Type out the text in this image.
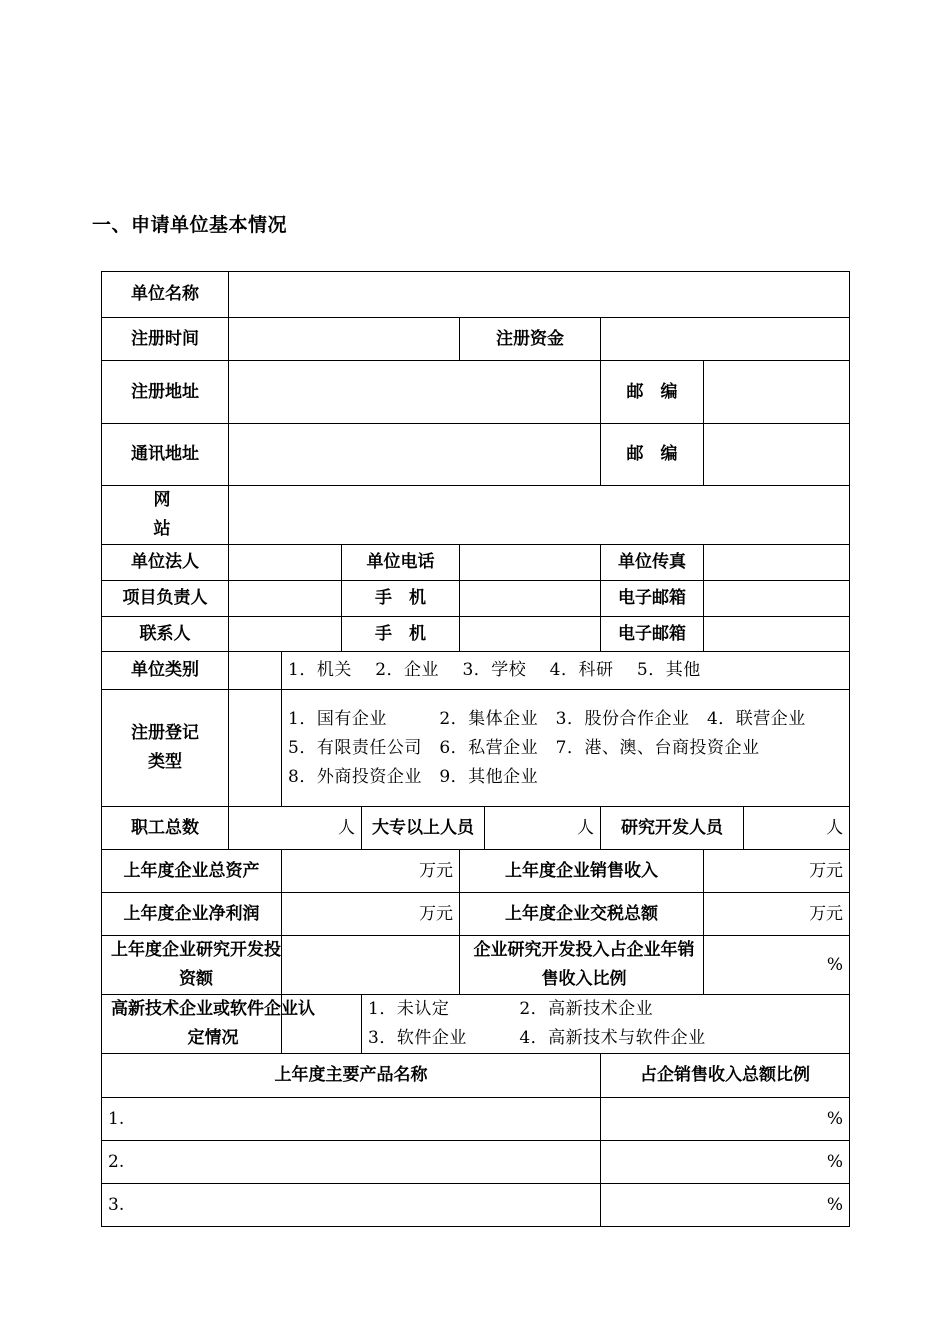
一、申请单位基本情况
单位名称									
注册时间					注册资金				
注册地址							邮　编		
通讯地址							邮　编		
网　站									
单位法人			单位电话				单位传真		
项目负责人			手　机				电子邮箱		
联系人			手　机				电子邮箱		
单位类别		1．机关　 2．企业　 3．学校　 4．科研　 5．其他							

注册登记类型		1．国有企业　　　2．集体企业　3．股份合作企业　4．联营企业
5．有限责任公司　6．私营企业　7．港、澳、台商投资企业
8．外商投资企业　9．其他企业							

职工总数	人			大专以上人员		人	研究开发人员		人
上年度企业总资产		万元			上年度企业销售收入			万元	
上年度企业净利润		万元			上年度企业交税总额			万元	

上年度企业研究开发投资额					企业研究开发投入占企业年销售收入比例			%	

高新技术企业或软件企业认定情况				1．未认定　　　　2．高新技术企业
3．软件企业　　　4．高新技术与软件企业					

上年度主要产品名称							占企销售收入总额比例		
1.							%		
2.							%		
3.							%		
